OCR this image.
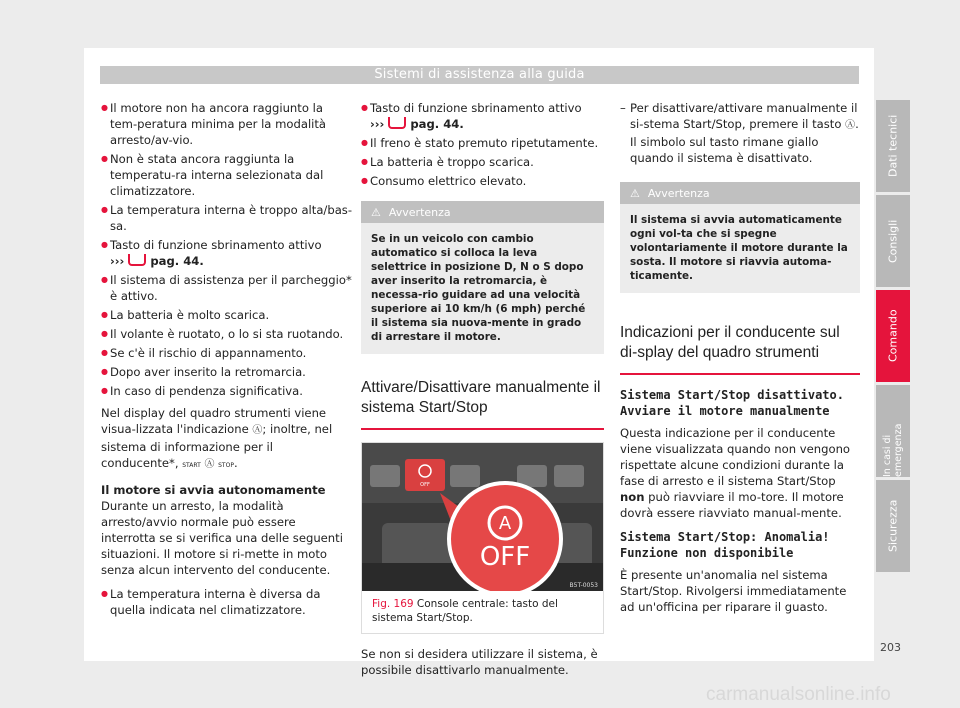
Sistemi di assistenza alla guida
● Il motore non ha ancora raggiunto la tem-peratura minima per la modalità arresto/av-vio.
● Non è stata ancora raggiunta la temperatu-ra interna selezionata dal climatizzatore.
● La temperatura interna è troppo alta/bas-sa.
● Tasto di funzione sbrinamento attivo
››› pag. 44.
● Il sistema di assistenza per il parcheggio* è attivo.
● La batteria è molto scarica.
● Il volante è ruotato, o lo si sta ruotando.
● Se c'è il rischio di appannamento.
● Dopo aver inserito la retromarcia.
● In caso di pendenza significativa.

Nel display del quadro strumenti viene visua-lizzata l'indicazione Ⓐ; inoltre, nel sistema di informazione per il conducente*, START Ⓐ STOP.

Il motore si avvia autonomamente

Durante un arresto, la modalità arresto/avvio normale può essere interrotta se si verifica una delle seguenti situazioni. Il motore si ri-mette in moto senza alcun intervento del conducente.

● La temperatura interna è diversa da quella indicata nel climatizzatore.
● Tasto di funzione sbrinamento attivo
››› pag. 44.
● Il freno è stato premuto ripetutamente.
● La batteria è troppo scarica.
● Consumo elettrico elevato.
⚠ Avvertenza
Se in un veicolo con cambio automatico si colloca la leva selettrice in posizione D, N o S dopo aver inserito la retromarcia, è necessa-rio guidare ad una velocità superiore ai 10 km/h (6 mph) perché il sistema sia nuova-mente in grado di arrestare il motore.
Attivare/Disattivare manualmente il sistema Start/Stop
OFF
A
OFF
B5T-0053
Fig. 169 Console centrale: tasto del sistema Start/Stop.

Se non si desidera utilizzare il sistema, è possibile disattivarlo manualmente.

– Per disattivare/attivare manualmente il si-stema Start/Stop, premere il tasto Ⓐ. Il simbolo sul tasto rimane giallo quando il sistema è disattivato.
⚠ Avvertenza
Il sistema si avvia automaticamente ogni vol-ta che si spegne volontariamente il motore durante la sosta. Il motore si riavvia automa-ticamente.
Indicazioni per il conducente sul di-splay del quadro strumenti
Sistema Start/Stop disattivato. Avviare il motore manualmente

Questa indicazione per il conducente viene visualizzata quando non vengono rispettate alcune condizioni durante la fase di arresto e il sistema Start/Stop non può riavviare il mo-tore. Il motore dovrà essere riavviato manual-mente.

Sistema Start/Stop: Anomalia! Funzione non disponibile

È presente un'anomalia nel sistema Start/Stop. Rivolgersi immediatamente ad un'officina per riparare il guasto.

Dati tecnici
Consigli
Comando
In casi di emergenza
Sicurezza
203
carmanualsonline.info
